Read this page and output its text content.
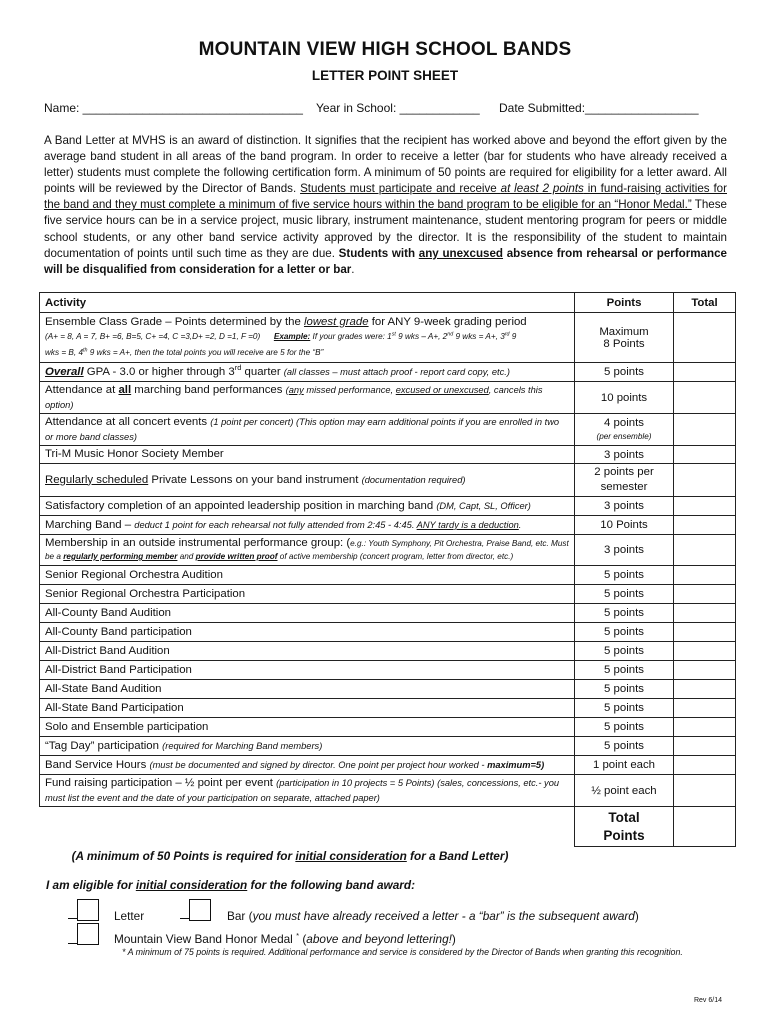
MOUNTAIN VIEW HIGH SCHOOL BANDS
LETTER POINT SHEET
Name: _________________________________ Year in School: ____________ Date Submitted:_________________
A Band Letter at MVHS is an award of distinction. It signifies that the recipient has worked above and beyond the effort given by the average band student in all areas of the band program. In order to receive a letter (bar for students who have already received a letter) students must complete the following certification form. A minimum of 50 points are required for eligibility for a letter award. All points will be reviewed by the Director of Bands. Students must participate and receive at least 2 points in fund-raising activities for the band and they must complete a minimum of five service hours within the band program to be eligible for an “Honor Medal.” These five service hours can be in a service project, music library, instrument maintenance, student mentoring program for peers or middle school students, or any other band service activity approved by the director. It is the responsibility of the student to maintain documentation of points until such time as they are due. Students with any unexcused absence from rehearsal or performance will be disqualified from consideration for a letter or bar.
Activity	Points	Total
Ensemble Class Grade – Points determined by the lowest grade for ANY 9-week grading period
(A+ = 8, A = 7, B+ =6, B=5, C+ =4, C =3,D+ =2, D =1, F =0) Example: If your grades were: 1st 9 wks – A+, 2nd 9 wks = A+, 3rd 9
wks = B, 4th 9 wks = A+, then the total points you will receive are 5 for the “B”	Maximum
8 Points	
Overall GPA - 3.0 or higher through 3rd quarter (all classes – must attach proof - report card copy, etc.)	5 points	
Attendance at all marching band performances (any missed performance, excused or unexcused, cancels this option)	10 points	
Attendance at all concert events (1 point per concert) (This option may earn additional points if you are enrolled in two or more band classes)	4 points
(per ensemble)	
Tri-M Music Honor Society Member	3 points	
Regularly scheduled Private Lessons on your band instrument (documentation required)	2 points per
semester	
Satisfactory completion of an appointed leadership position in marching band (DM, Capt, SL, Officer)	3 points	
Marching Band – deduct 1 point for each rehearsal not fully attended from 2:45 - 4:45. ANY tardy is a deduction.	10 Points	
Membership in an outside instrumental performance group: (e.g.: Youth Symphony, Pit Orchestra, Praise Band, etc. Must
be a regularly performing member and provide written proof of active membership (concert program, letter from director, etc.)	3 points	
Senior Regional Orchestra Audition	5 points	
Senior Regional Orchestra Participation	5 points	
All-County Band Audition	5 points	
All-County Band participation	5 points	
All-District Band Audition	5 points	
All-District Band Participation	5 points	
All-State Band Audition	5 points	
All-State Band Participation	5 points	
Solo and Ensemble participation	5 points	
“Tag Day” participation (required for Marching Band members)	5 points	
Band Service Hours (must be documented and signed by director. One point per project hour worked - maximum=5)	1 point each	
Fund raising participation – ½ point per event (participation in 10 projects = 5 Points) (sales, concessions, etc.- you must list the event and the date of your participation on separate, attached paper)	½ point each	
	Total
Points	
(A minimum of 50 Points is required for initial consideration for a Band Letter)
I am eligible for initial consideration for the following band award:
Letter	Bar (you must have already received a letter - a “bar” is the subsequent award)
Mountain View Band Honor Medal * (above and beyond lettering!)
* A minimum of 75 points is required. Additional performance and service is considered by the Director of Bands when granting this recognition.
Rev 6/14
